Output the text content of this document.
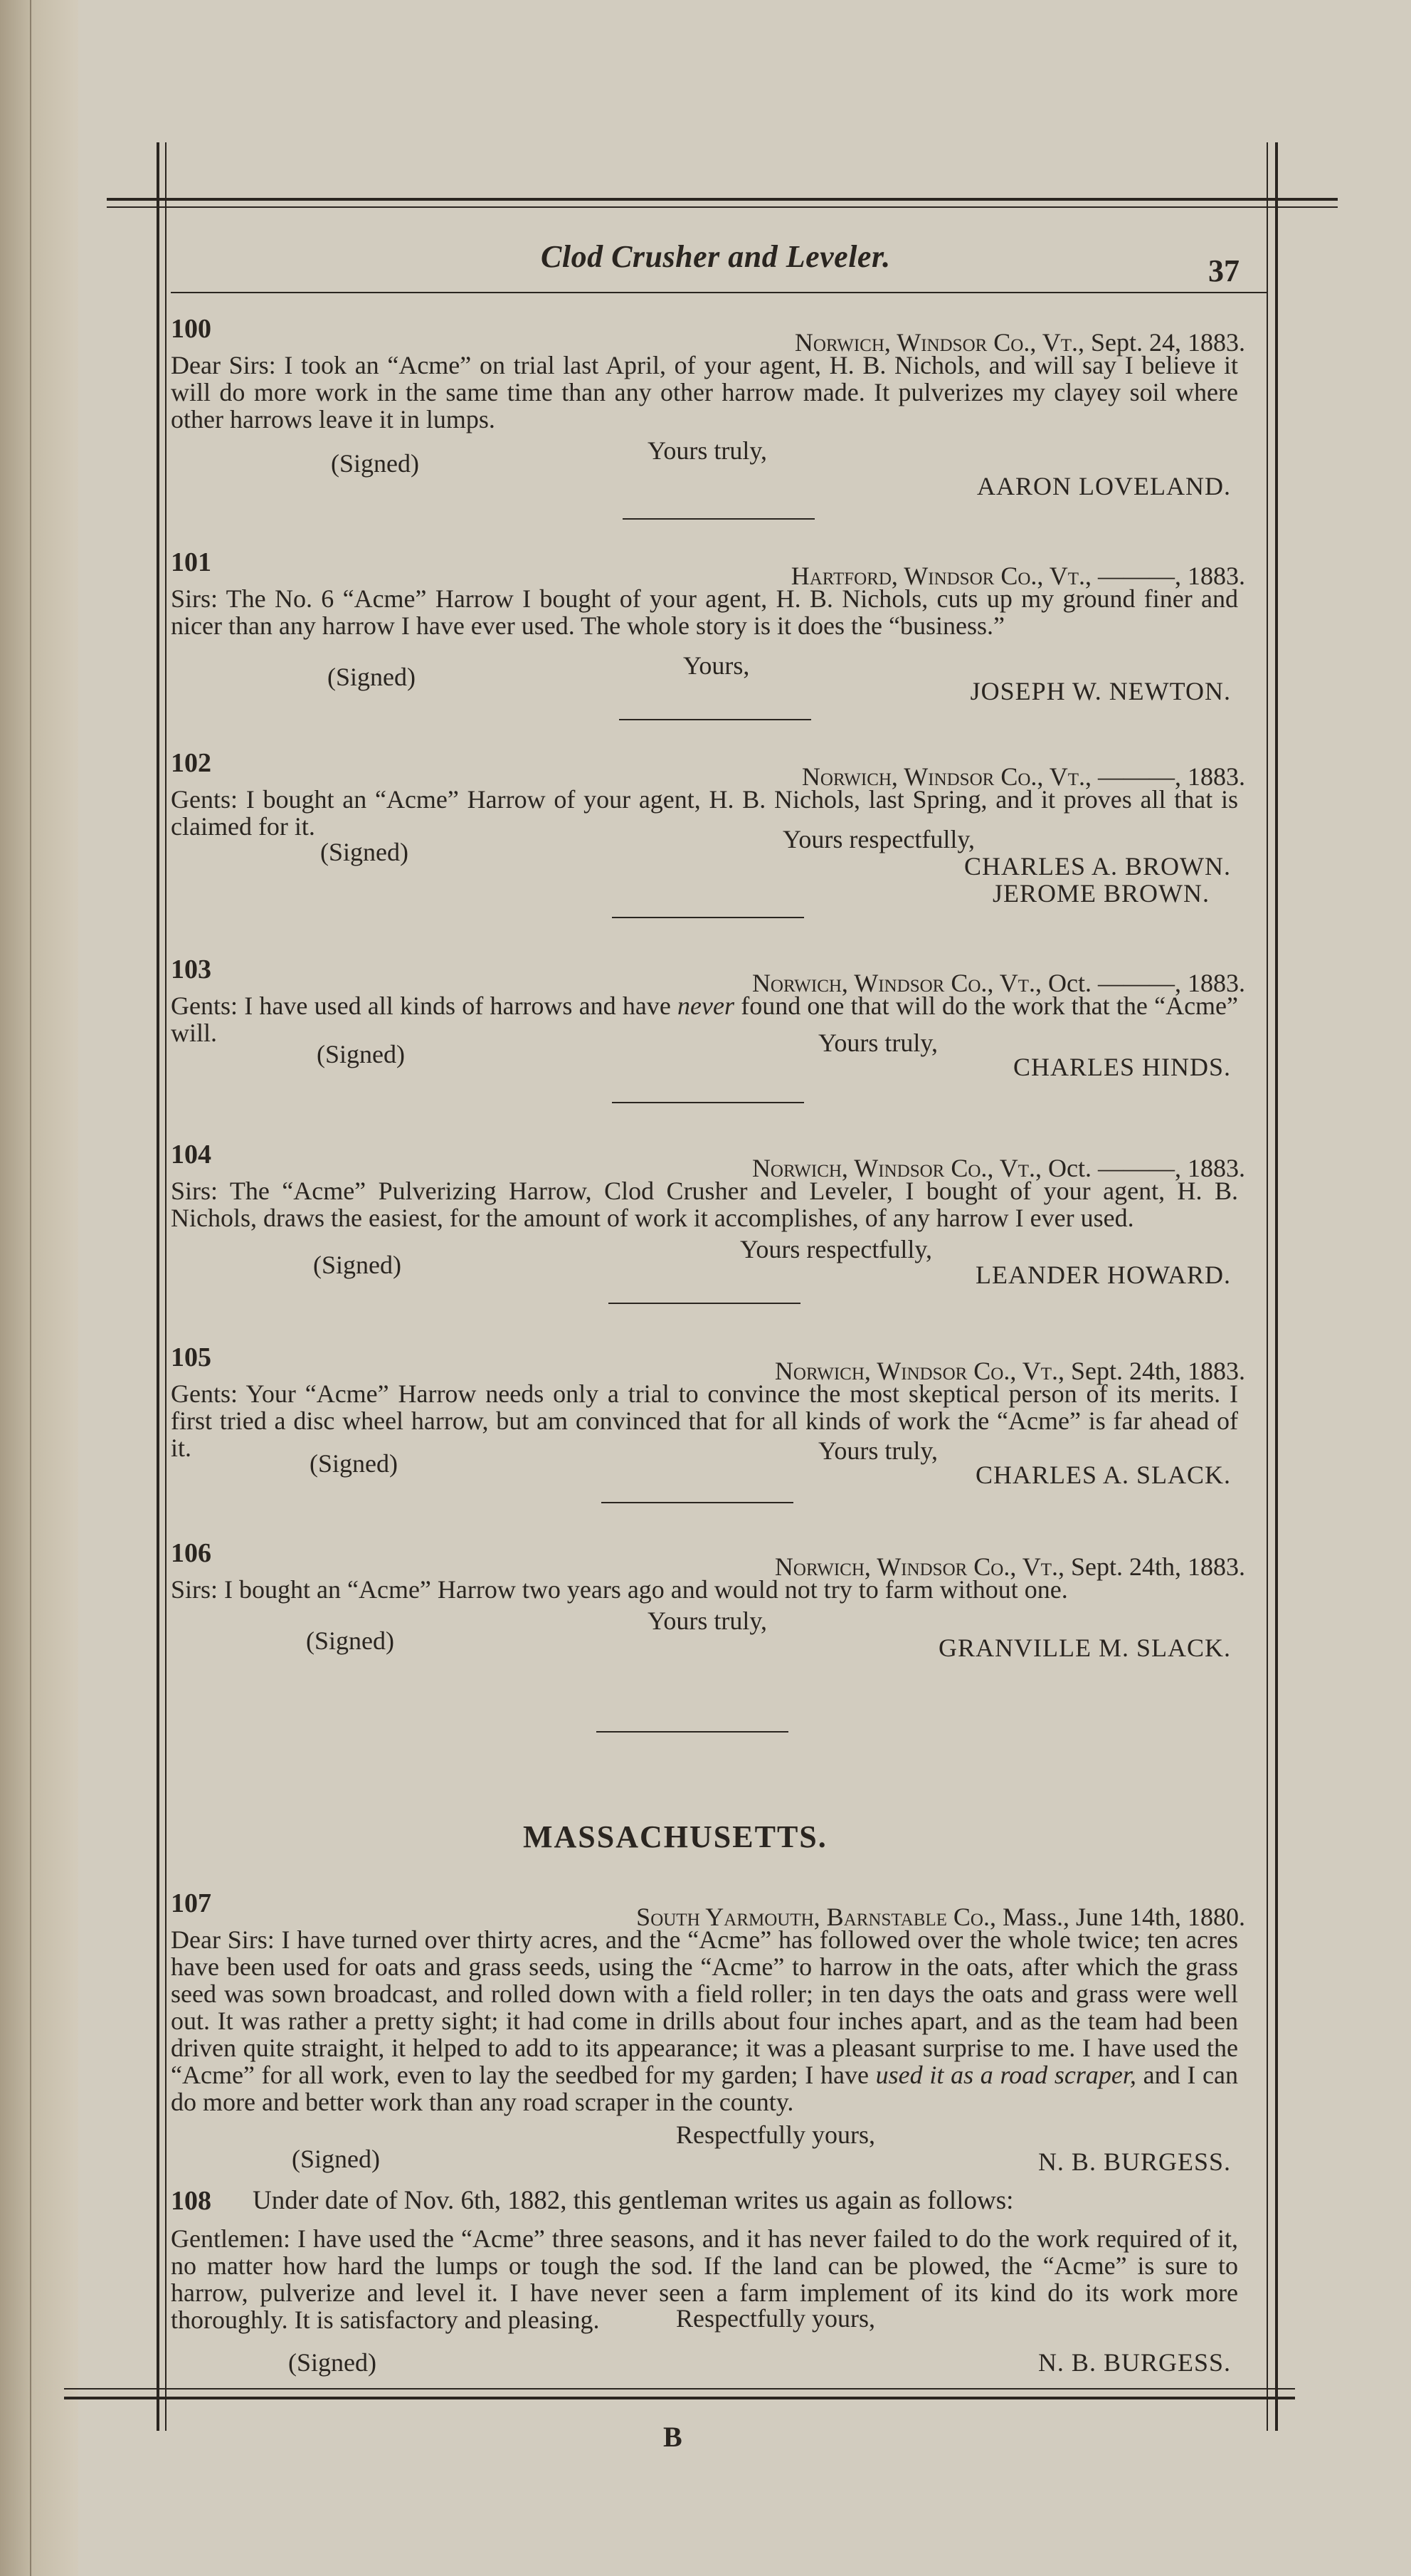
Clod Crusher and Leveler.	37
100	Norwich, Windsor Co., Vt., Sept. 24, 1883.
Dear Sirs: I took an “Acme” on trial last April, of your agent, H. B. Nichols, and will say I believe it will do more work in the same time than any other harrow made. It pulverizes my clayey soil where other harrows leave it in lumps.
Yours truly,
(Signed)
AARON LOVELAND.
101	Hartford, Windsor Co., Vt., ———, 1883.
Sirs: The No. 6 “Acme” Harrow I bought of your agent, H. B. Nichols, cuts up my ground finer and nicer than any harrow I have ever used. The whole story is it does the “business.”
Yours,
(Signed)	JOSEPH W. NEWTON.
102	Norwich, Windsor Co., Vt., ———, 1883.
Gents: I bought an “Acme” Harrow of your agent, H. B. Nichols, last Spring, and it proves all that is claimed for it.	Yours respectfully,
(Signed)	CHARLES A. BROWN.
JEROME BROWN.
103	Norwich, Windsor Co., Vt., Oct. ———, 1883.
Gents: I have used all kinds of harrows and have never found one that will do the work that the “Acme” will.	Yours truly,
(Signed)	CHARLES HINDS.
104	Norwich, Windsor Co., Vt., Oct. ———, 1883.
Sirs: The “Acme” Pulverizing Harrow, Clod Crusher and Leveler, I bought of your agent, H. B. Nichols, draws the easiest, for the amount of work it accomplishes, of any harrow I ever used.
Yours respectfully,
(Signed)	LEANDER HOWARD.
105	Norwich, Windsor Co., Vt., Sept. 24th, 1883.
Gents: Your “Acme” Harrow needs only a trial to convince the most skeptical person of its merits. I first tried a disc wheel harrow, but am convinced that for all kinds of work the “Acme” is far ahead of it.	Yours truly,
(Signed)	CHARLES A. SLACK.
106	Norwich, Windsor Co., Vt., Sept. 24th, 1883.
Sirs: I bought an “Acme” Harrow two years ago and would not try to farm without one.
Yours truly,
(Signed)	GRANVILLE M. SLACK.
MASSACHUSETTS.
107	South Yarmouth, Barnstable Co., Mass., June 14th, 1880.
Dear Sirs: I have turned over thirty acres, and the “Acme” has followed over the whole twice; ten acres have been used for oats and grass seeds, using the “Acme” to harrow in the oats, after which the grass seed was sown broadcast, and rolled down with a field roller; in ten days the oats and grass were well out. It was rather a pretty sight; it had come in drills about four inches apart, and as the team had been driven quite straight, it helped to add to its appearance; it was a pleasant surprise to me. I have used the “Acme” for all work, even to lay the seedbed for my garden; I have used it as a road scraper, and I can do more and better work than any road scraper in the county.
Respectfully yours,
(Signed)	N. B. BURGESS.
108 Under date of Nov. 6th, 1882, this gentleman writes us again as follows:
Gentlemen: I have used the “Acme” three seasons, and it has never failed to do the work required of it, no matter how hard the lumps or tough the sod. If the land can be plowed, the “Acme” is sure to harrow, pulverize and level it. I have never seen a farm implement of its kind do its work more thoroughly. It is satisfactory and pleasing.	Respectfully yours,
(Signed)	N. B. BURGESS.
B
